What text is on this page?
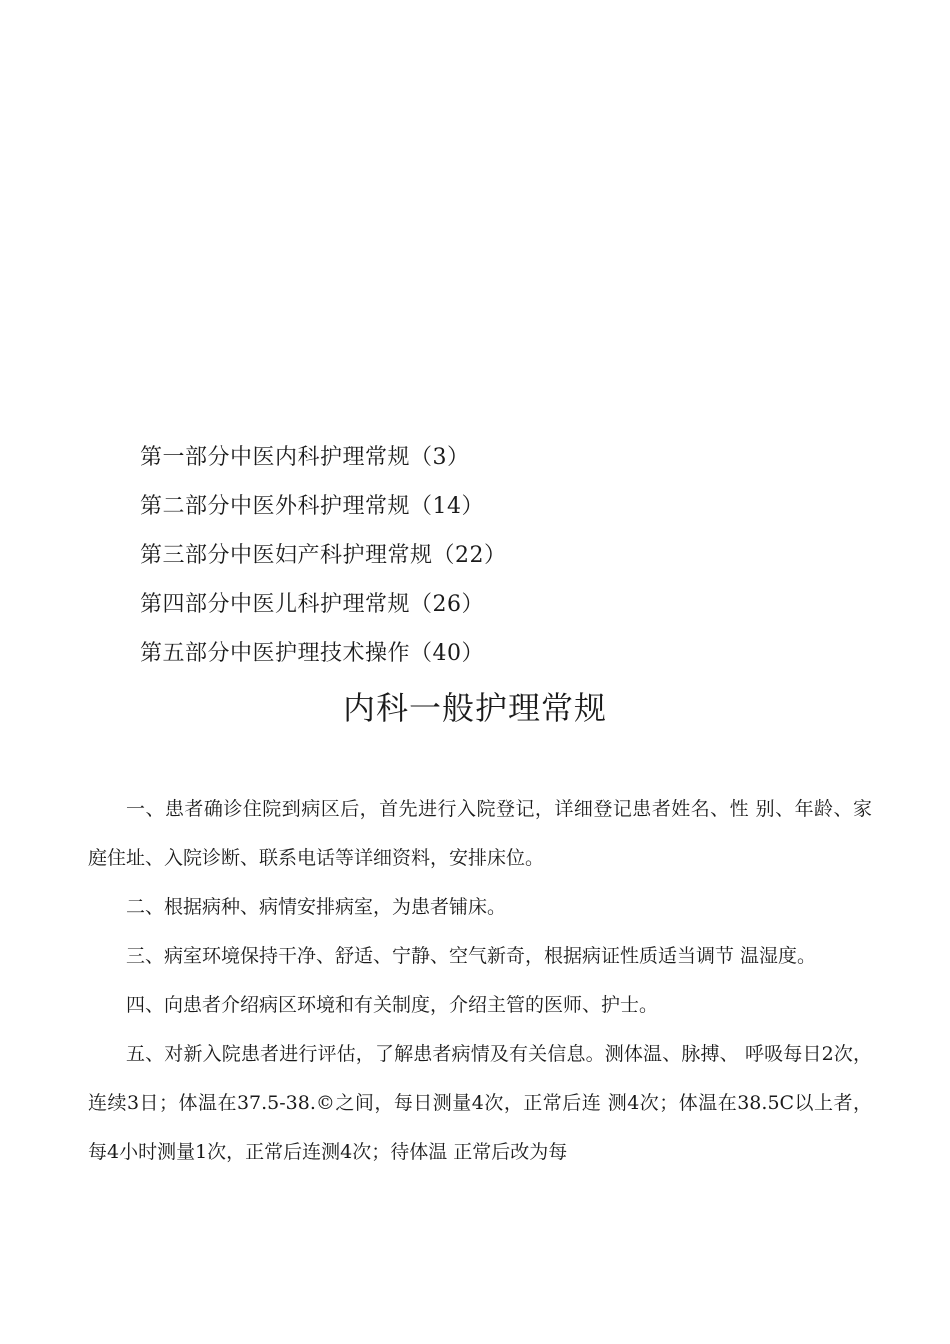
第一部分中医内科护理常规（3）
第二部分中医外科护理常规（14）
第三部分中医妇产科护理常规（22）
第四部分中医儿科护理常规（26）
第五部分中医护理技术操作（40）
内科一般护理常规

一、患者确诊住院到病区后，首先进行入院登记，详细登记患者姓名、性 别、年龄、家庭住址、入院诊断、联系电话等详细资料，安排床位。

二、根据病种、病情安排病室，为患者铺床。

三、病室环境保持干净、舒适、宁静、空气新奇，根据病证性质适当调节 温湿度。

四、向患者介绍病区环境和有关制度，介绍主管的医师、护士。

五、对新入院患者进行评估，了解患者病情及有关信息。测体温、脉搏、 呼吸每日2次，连续3日；体温在37.5-38.©之间，每日测量4次，正常后连 测4次；体温在38.5C以上者，每4小时测量1次，正常后连测4次；待体温 正常后改为每
